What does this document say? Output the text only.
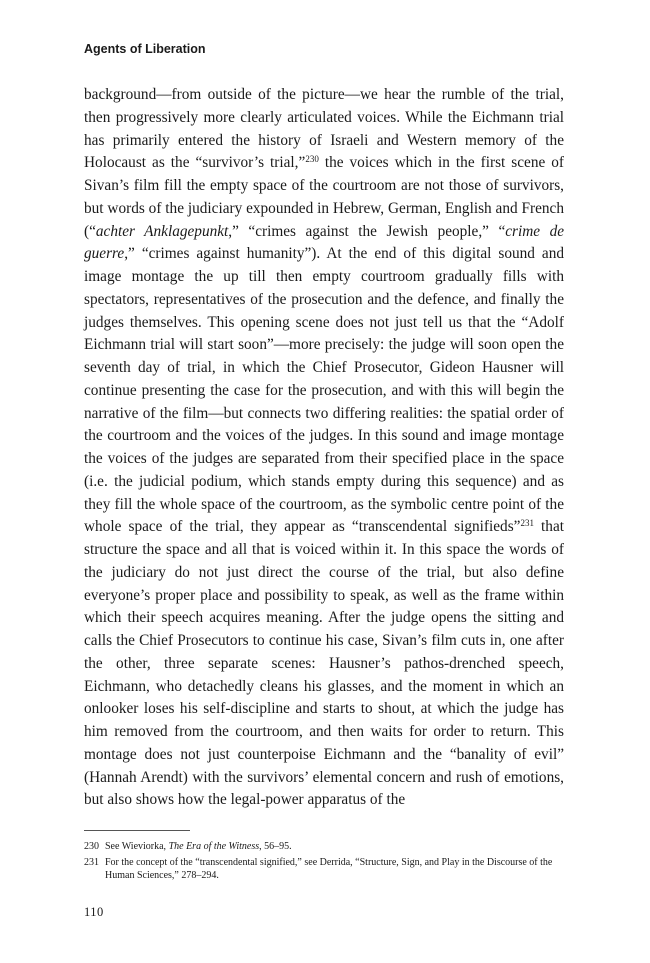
Agents of Liberation

background—from outside of the picture—we hear the rumble of the trial, then progressively more clearly articulated voices. While the Eichmann trial has primarily entered the history of Israeli and Western memory of the Holocaust as the “survivor’s trial,”$^{230}$ the voices which in the first scene of Sivan’s film fill the empty space of the courtroom are not those of survivors, but words of the judiciary expounded in Hebrew, German, English and French (“achter Anklagepunkt,” “crimes against the Jewish people,” “crime de guerre,” “crimes against humanity”). At the end of this digital sound and image montage the up till then empty courtroom gradually fills with spectators, representatives of the prosecution and the defence, and finally the judges themselves. This opening scene does not just tell us that the “Adolf Eichmann trial will start soon”—more precisely: the judge will soon open the seventh day of trial, in which the Chief Prosecutor, Gideon Hausner will continue presenting the case for the prosecution, and with this will begin the narrative of the film—but connects two differing realities: the spatial order of the courtroom and the voices of the judges. In this sound and image montage the voices of the judges are separated from their specified place in the space (i.e. the judicial podium, which stands empty during this sequence) and as they fill the whole space of the courtroom, as the symbolic centre point of the whole space of the trial, they appear as “transcendental signifieds”$^{231}$ that structure the space and all that is voiced within it. In this space the words of the judiciary do not just direct the course of the trial, but also define everyone’s proper place and possibility to speak, as well as the frame within which their speech acquires meaning. After the judge opens the sitting and calls the Chief Prosecutors to continue his case, Sivan’s film cuts in, one after the other, three separate scenes: Hausner’s pathos-drenched speech, Eichmann, who detachedly cleans his glasses, and the moment in which an onlooker loses his self-discipline and starts to shout, at which the judge has him removed from the courtroom, and then waits for order to return. This montage does not just counterpoise Eichmann and the “banality of evil” (Hannah Arendt) with the survivors’ elemental concern and rush of emotions, but also shows how the legal-power apparatus of the

230 See Wieviorka, The Era of the Witness, 56–95.
231 For the concept of the “transcendental signified,” see Derrida, “Structure, Sign, and Play in the Discourse of the Human Sciences,” 278–294.
110
